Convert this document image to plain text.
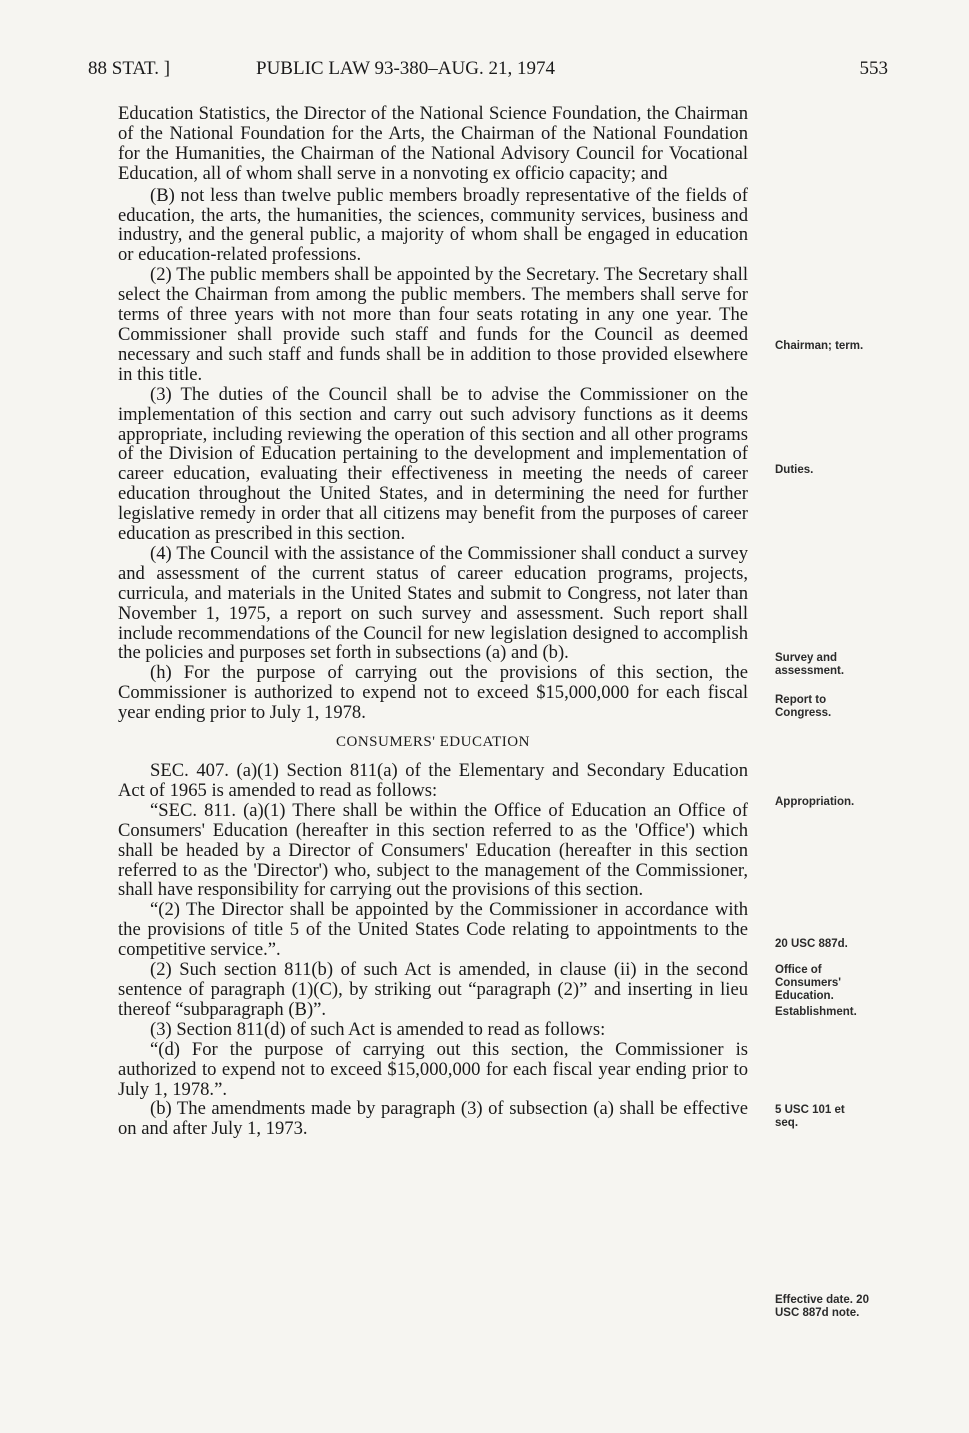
88 STAT. ]	PUBLIC LAW 93-380–AUG. 21, 1974	553

Education Statistics, the Director of the National Science Foundation, the Chairman of the National Foundation for the Arts, the Chairman of the National Foundation for the Humanities, the Chairman of the National Advisory Council for Vocational Education, all of whom shall serve in a nonvoting ex officio capacity; and

(B) not less than twelve public members broadly representative of the fields of education, the arts, the humanities, the sciences, community services, business and industry, and the general public, a majority of whom shall be engaged in education or education-related professions.

(2) The public members shall be appointed by the Secretary. The Secretary shall select the Chairman from among the public members. The members shall serve for terms of three years with not more than four seats rotating in any one year. The Commissioner shall provide such staff and funds for the Council as deemed necessary and such staff and funds shall be in addition to those provided elsewhere in this title.

(3) The duties of the Council shall be to advise the Commissioner on the implementation of this section and carry out such advisory functions as it deems appropriate, including reviewing the operation of this section and all other programs of the Division of Education pertaining to the development and implementation of career education, evaluating their effectiveness in meeting the needs of career education throughout the United States, and in determining the need for further legislative remedy in order that all citizens may benefit from the purposes of career education as prescribed in this section.

(4) The Council with the assistance of the Commissioner shall conduct a survey and assessment of the current status of career education programs, projects, curricula, and materials in the United States and submit to Congress, not later than November 1, 1975, a report on such survey and assessment. Such report shall include recommendations of the Council for new legislation designed to accomplish the policies and purposes set forth in subsections (a) and (b).

(h) For the purpose of carrying out the provisions of this section, the Commissioner is authorized to expend not to exceed $15,000,000 for each fiscal year ending prior to July 1, 1978.

CONSUMERS' EDUCATION

SEC. 407. (a)(1) Section 811(a) of the Elementary and Secondary Education Act of 1965 is amended to read as follows:

“SEC. 811. (a)(1) There shall be within the Office of Education an Office of Consumers' Education (hereafter in this section referred to as the 'Office') which shall be headed by a Director of Consumers' Education (hereafter in this section referred to as the 'Director') who, subject to the management of the Commissioner, shall have responsibility for carrying out the provisions of this section.

“(2) The Director shall be appointed by the Commissioner in accordance with the provisions of title 5 of the United States Code relating to appointments to the competitive service.”.

(2) Such section 811(b) of such Act is amended, in clause (ii) in the second sentence of paragraph (1)(C), by striking out “paragraph (2)” and inserting in lieu thereof “subparagraph (B)”.

(3) Section 811(d) of such Act is amended to read as follows:

“(d) For the purpose of carrying out this section, the Commissioner is authorized to expend not to exceed $15,000,000 for each fiscal year ending prior to July 1, 1978.”.

(b) The amendments made by paragraph (3) of subsection (a) shall be effective on and after July 1, 1973.

Chairman; term.
Duties.
Survey and assessment.
Report to Congress.
Appropriation.
20 USC 887d.
Office of Consumers' Education.
Establishment.
5 USC 101 et seq.
Effective date. 20 USC 887d note.
